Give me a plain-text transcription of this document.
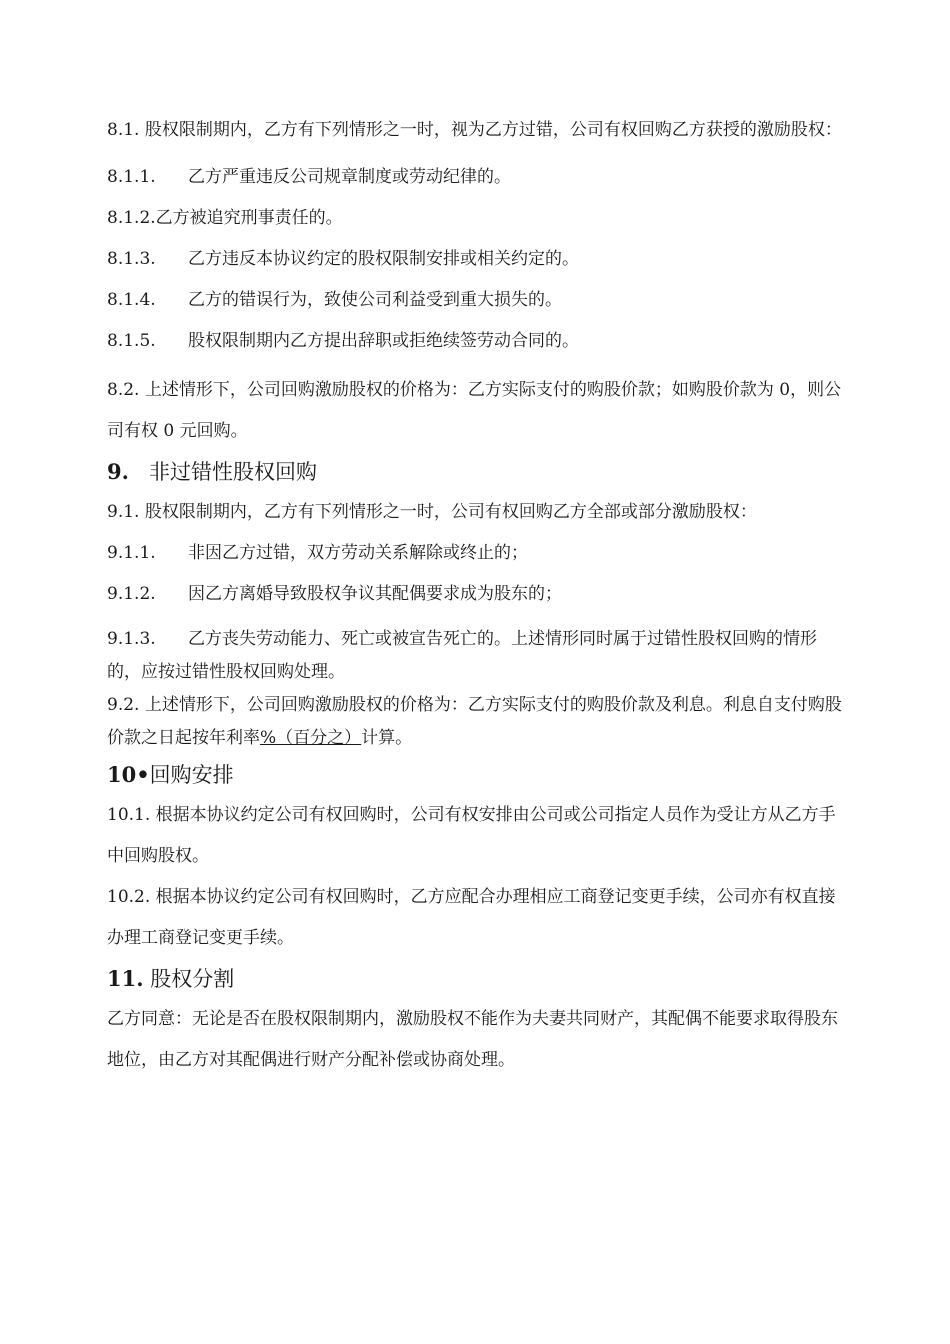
8.1. 股权限制期内，乙方有下列情形之一时，视为乙方过错，公司有权回购乙方获授的激励股权：

8.1.1. 乙方严重违反公司规章制度或劳动纪律的。

8.1.2.乙方被追究刑事责任的。

8.1.3. 乙方违反本协议约定的股权限制安排或相关约定的。

8.1.4. 乙方的错误行为，致使公司利益受到重大损失的。

8.1.5. 股权限制期内乙方提出辞职或拒绝续签劳动合同的。

8.2. 上述情形下，公司回购激励股权的价格为：乙方实际支付的购股价款；如购股价款为 0，则公司有权 0 元回购。

9. 非过错性股权回购

9.1. 股权限制期内，乙方有下列情形之一时，公司有权回购乙方全部或部分激励股权：

9.1.1. 非因乙方过错，双方劳动关系解除或终止的；

9.1.2. 因乙方离婚导致股权争议其配偶要求成为股东的；

9.1.3. 乙方丧失劳动能力、死亡或被宣告死亡的。上述情形同时属于过错性股权回购的情形的，应按过错性股权回购处理。

9.2. 上述情形下，公司回购激励股权的价格为：乙方实际支付的购股价款及利息。利息自支付购股价款之日起按年利率%（百分之）计算。

10•回购安排

10.1. 根据本协议约定公司有权回购时，公司有权安排由公司或公司指定人员作为受让方从乙方手中回购股权。

10.2. 根据本协议约定公司有权回购时，乙方应配合办理相应工商登记变更手续，公司亦有权直接办理工商登记变更手续。

11. 股权分割

乙方同意：无论是否在股权限制期内，激励股权不能作为夫妻共同财产，其配偶不能要求取得股东地位，由乙方对其配偶进行财产分配补偿或协商处理。
